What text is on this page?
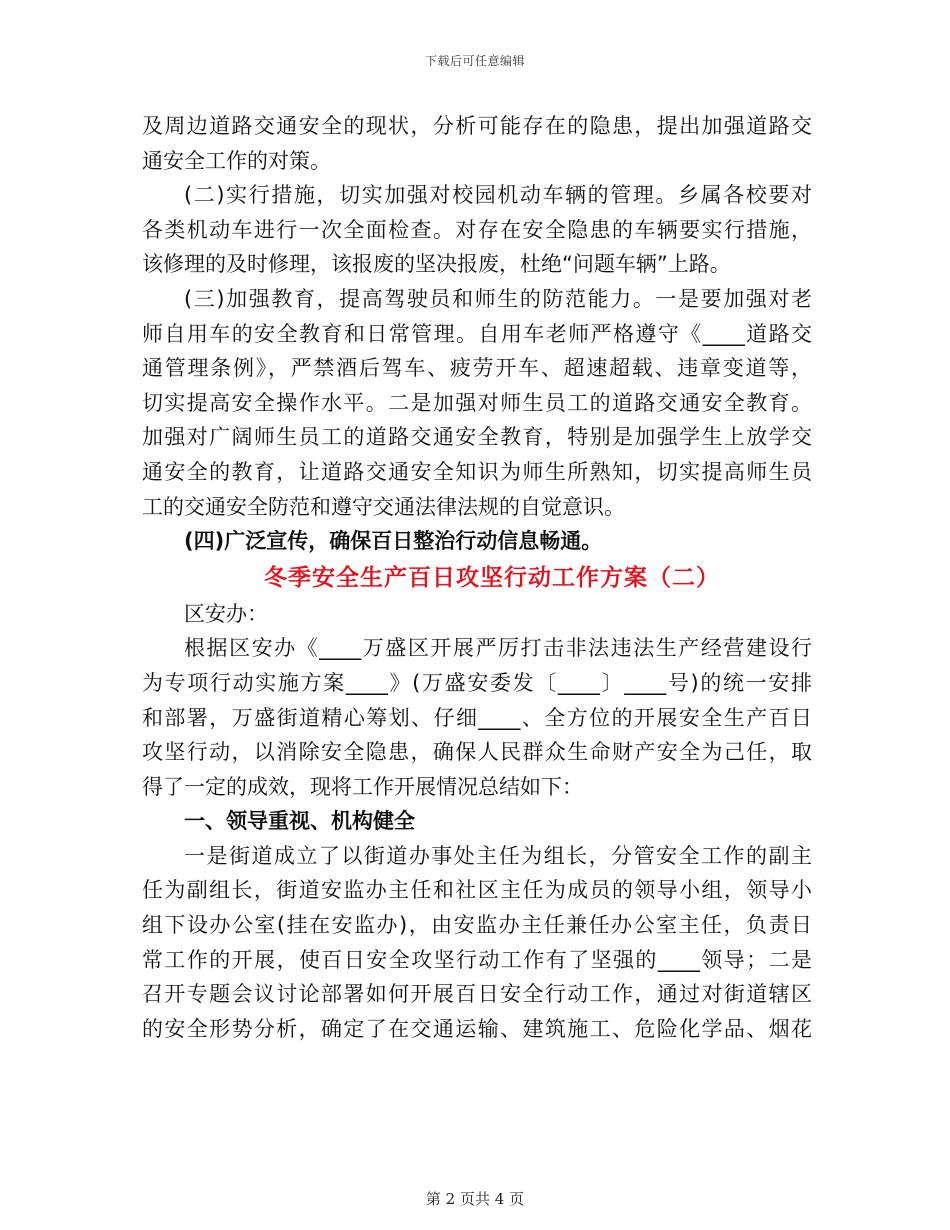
下载后可任意编辑
及周边道路交通安全的现状，分析可能存在的隐患，提出加强道路交
通安全工作的对策。
(二)实行措施，切实加强对校园机动车辆的管理。乡属各校要对
各类机动车进行一次全面检查。对存在安全隐患的车辆要实行措施，
该修理的及时修理，该报废的坚决报废，杜绝“问题车辆”上路。
(三)加强教育，提高驾驶员和师生的防范能力。一是要加强对老
师自用车的安全教育和日常管理。自用车老师严格遵守《____道路交
通管理条例》，严禁酒后驾车、疲劳开车、超速超载、违章变道等，
切实提高安全操作水平。二是加强对师生员工的道路交通安全教育。
加强对广阔师生员工的道路交通安全教育，特别是加强学生上放学交
通安全的教育，让道路交通安全知识为师生所熟知，切实提高师生员
工的交通安全防范和遵守交通法律法规的自觉意识。
(四)广泛宣传，确保百日整治行动信息畅通。
冬季安全生产百日攻坚行动工作方案（二）
区安办：
根据区安办《____万盛区开展严厉打击非法违法生产经营建设行
为专项行动实施方案____》(万盛安委发〔____〕____号)的统一安排
和部署，万盛街道精心筹划、仔细____、全方位的开展安全生产百日
攻坚行动，以消除安全隐患，确保人民群众生命财产安全为己任，取
得了一定的成效，现将工作开展情况总结如下：
一、领导重视、机构健全
一是街道成立了以街道办事处主任为组长，分管安全工作的副主
任为副组长，街道安监办主任和社区主任为成员的领导小组，领导小
组下设办公室(挂在安监办)，由安监办主任兼任办公室主任，负责日
常工作的开展，使百日安全攻坚行动工作有了坚强的____领导；二是
召开专题会议讨论部署如何开展百日安全行动工作，通过对街道辖区
的安全形势分析，确定了在交通运输、建筑施工、危险化学品、烟花
第 2 页共 4 页
